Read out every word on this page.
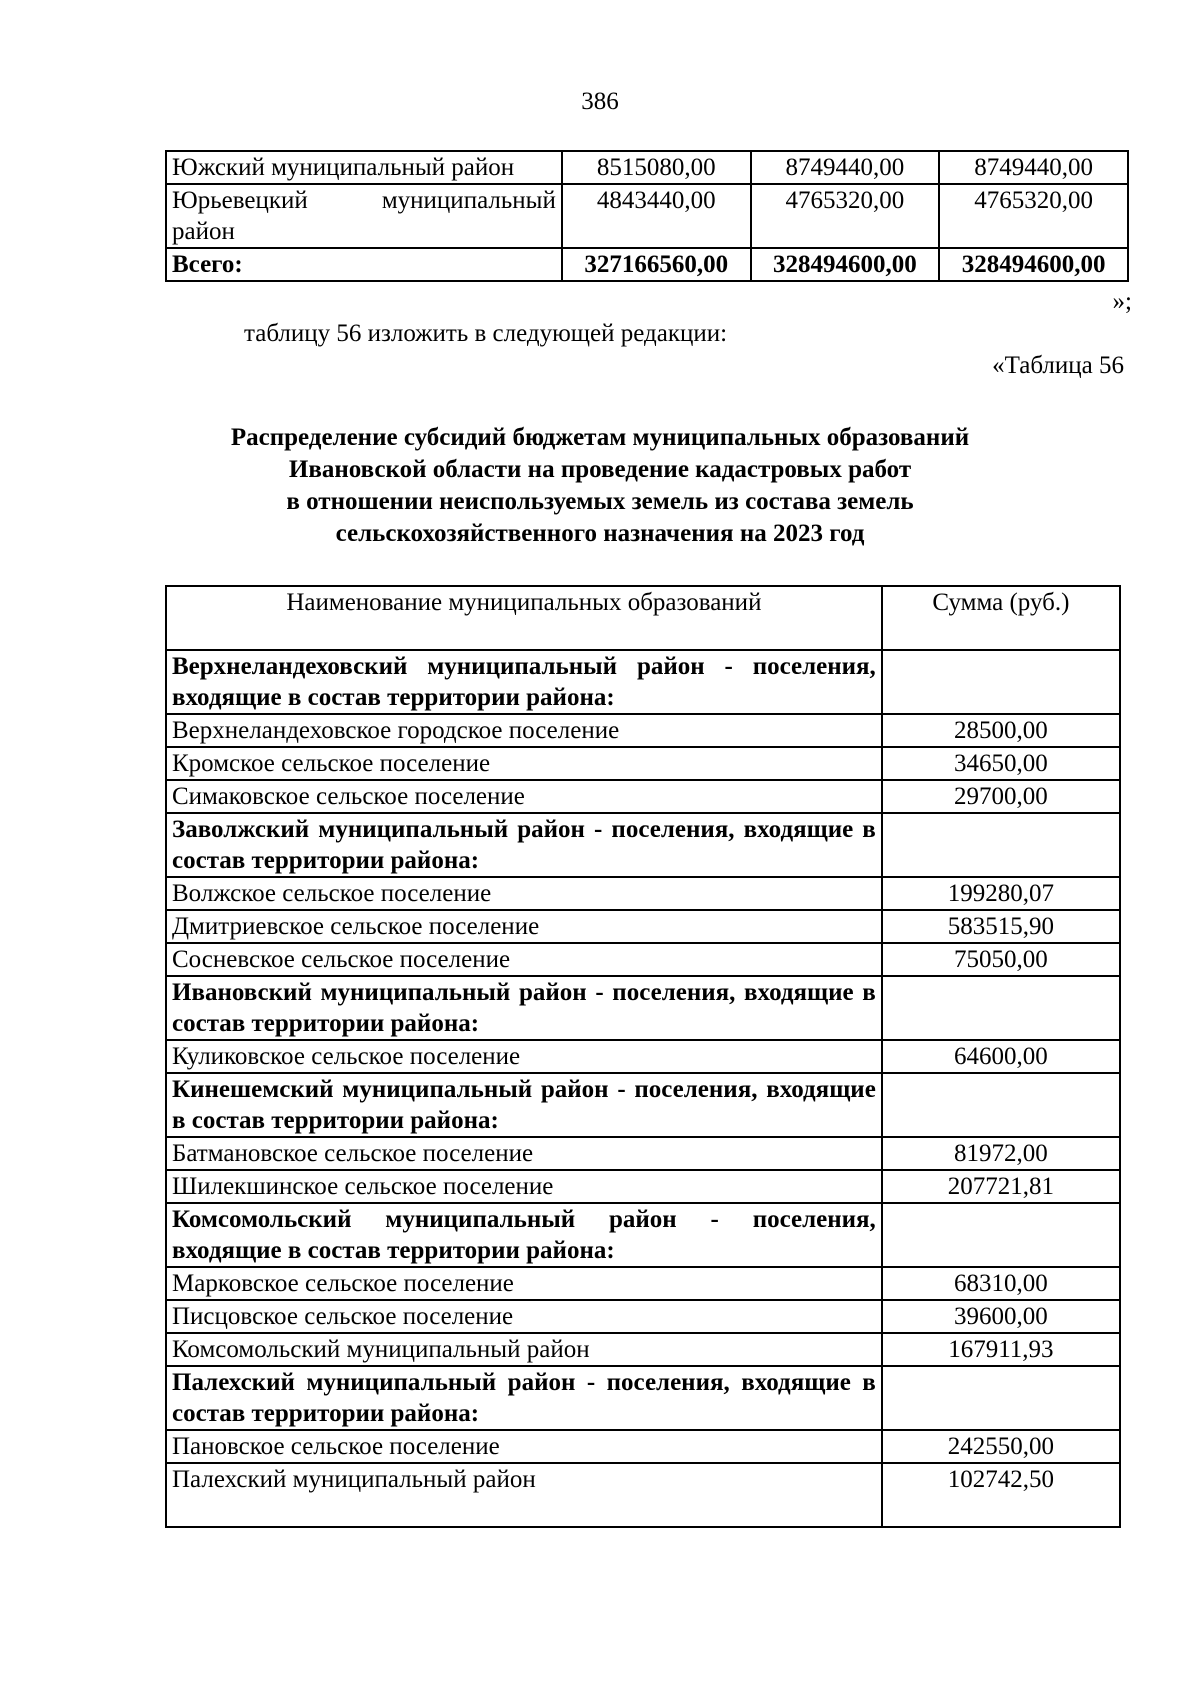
386
Южский муниципальный район	8515080,00	8749440,00	8749440,00
Юрьевецкий муниципальный район	4843440,00	4765320,00	4765320,00
Всего:	327166560,00	328494600,00	328494600,00
»;
таблицу 56 изложить в следующей редакции:
«Таблица 56
Распределение субсидий бюджетам муниципальных образований
Ивановской области на проведение кадастровых работ
в отношении неиспользуемых земель из состава земель
сельскохозяйственного назначения на 2023 год
Наименование муниципальных образований	Сумма (руб.)
Верхнеландеховский муниципальный район - поселения, входящие в состав территории района:	
Верхнеландеховское городское поселение	28500,00
Кромское сельское поселение	34650,00
Симаковское сельское поселение	29700,00
Заволжский муниципальный район - поселения, входящие в состав территории района:	
Волжское сельское поселение	199280,07
Дмитриевское сельское поселение	583515,90
Сосневское сельское поселение	75050,00
Ивановский муниципальный район - поселения, входящие в состав территории района:	
Куликовское сельское поселение	64600,00
Кинешемский муниципальный район - поселения, входящие в состав территории района:	
Батмановское сельское поселение	81972,00
Шилекшинское сельское поселение	207721,81
Комсомольский муниципальный район - поселения, входящие в состав территории района:	
Марковское сельское поселение	68310,00
Писцовское сельское поселение	39600,00
Комсомольский муниципальный район	167911,93
Палехский муниципальный район - поселения, входящие в состав территории района:	
Пановское сельское поселение	242550,00
Палехский муниципальный район	102742,50
